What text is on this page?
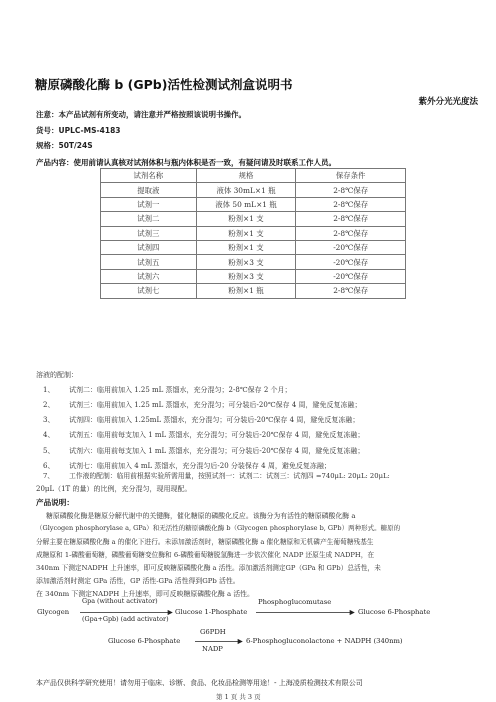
糖原磷酸化酶 b (GPb)活性检测试剂盒说明书
紫外分光光度法
注意：本产品试剂有所变动，请注意并严格按照该说明书操作。
货号：UPLC-MS-4183
规格：50T/24S
产品内容：使用前请认真核对试剂体积与瓶内体积是否一致，有疑问请及时联系工作人员。
试剂名称	规格	保存条件
提取液	液体 30mL×1 瓶	2-8℃保存
试剂一	液体 50 mL×1 瓶	2-8℃保存
试剂二	粉剂×1 支	2-8℃保存
试剂三	粉剂×1 支	2-8℃保存
试剂四	粉剂×1 支	-20℃保存
试剂五	粉剂×3 支	-20℃保存
试剂六	粉剂×3 支	-20℃保存
试剂七	粉剂×1 瓶	2-8℃保存
溶液的配制：
1、 试剂二：临用前加入 1.25 mL 蒸馏水，充分混匀；2-8℃保存 2 个月；
2、 试剂三：临用前加入 1.25 mL 蒸馏水，充分混匀；可分装后-20℃保存 4 周，避免反复冻融；
3、 试剂四：临用前加入 1.25mL 蒸馏水，充分混匀；可分装后-20℃保存 4 周，避免反复冻融；
4、 试剂五：临用前每支加入 1 mL 蒸馏水，充分混匀；可分装后-20℃保存 4 周，避免反复冻融；
5、 试剂六：临用前每支加入 1 mL 蒸馏水，充分混匀；可分装后-20℃保存 4 周，避免反复冻融；
6、 试剂七：临用前加入 4 mL 蒸馏水，充分混匀后-20 分装保存 4 周，避免反复冻融；
7、 工作液的配制：临用前根据实验所需用量，按照试剂一：试剂二：试剂三：试剂四 =740μL: 20μL: 20μL:
20μL（1T 的量）的比例，充分混匀，现用现配。
产品说明：
糖原磷酸化酶是糖原分解代谢中的关键酶，催化糖原的磷酸化反应。该酶分为有活性的糖原磷酸化酶 a
（Glycogen phosphorylase a, GPa）和无活性的糖原磷酸化酶 b（Glycogen phosphorylase b, GPb）两种形式。糖原的
分解主要在糖原磷酸化酶 a 的催化下进行。未添加激活剂时，糖原磷酸化酶 a 催化糖原和无机磷产生葡萄糖残基生
成糖原和 1-磷酸葡萄糖，磷酸葡萄糖变位酶和 6-磷酸葡萄糖脱氢酶进一步依次催化 NADP 还原生成 NADPH，在
340nm 下测定NADPH 上升速率，即可反映糖原磷酸化酶 a 活性。添加激活剂测定GP（GPa 和 GPb）总活性，未
添加激活剂时测定 GPa 活性，GP 活性-GPa 活性得到GPb 活性。
在 340nm 下测定NADPH 上升速率，即可反映糖原磷酸化酶 a 活性。
Glycogen
Gpa (without activator)
(Gpa+Gpb) (add activator)
Glucose 1-Phosphate
Phosphoglucomutase
Glucose 6-Phosphate
Glucose 6-Phosphate
G6PDH
NADP
6-Phosphogluconolactone + NADPH (340nm)
本产品仅供科学研究使用！请勿用于临床、诊断、食品、化妆品检测等用途！- 上海凌质检测技术有限公司
第 1 页 共 3 页
